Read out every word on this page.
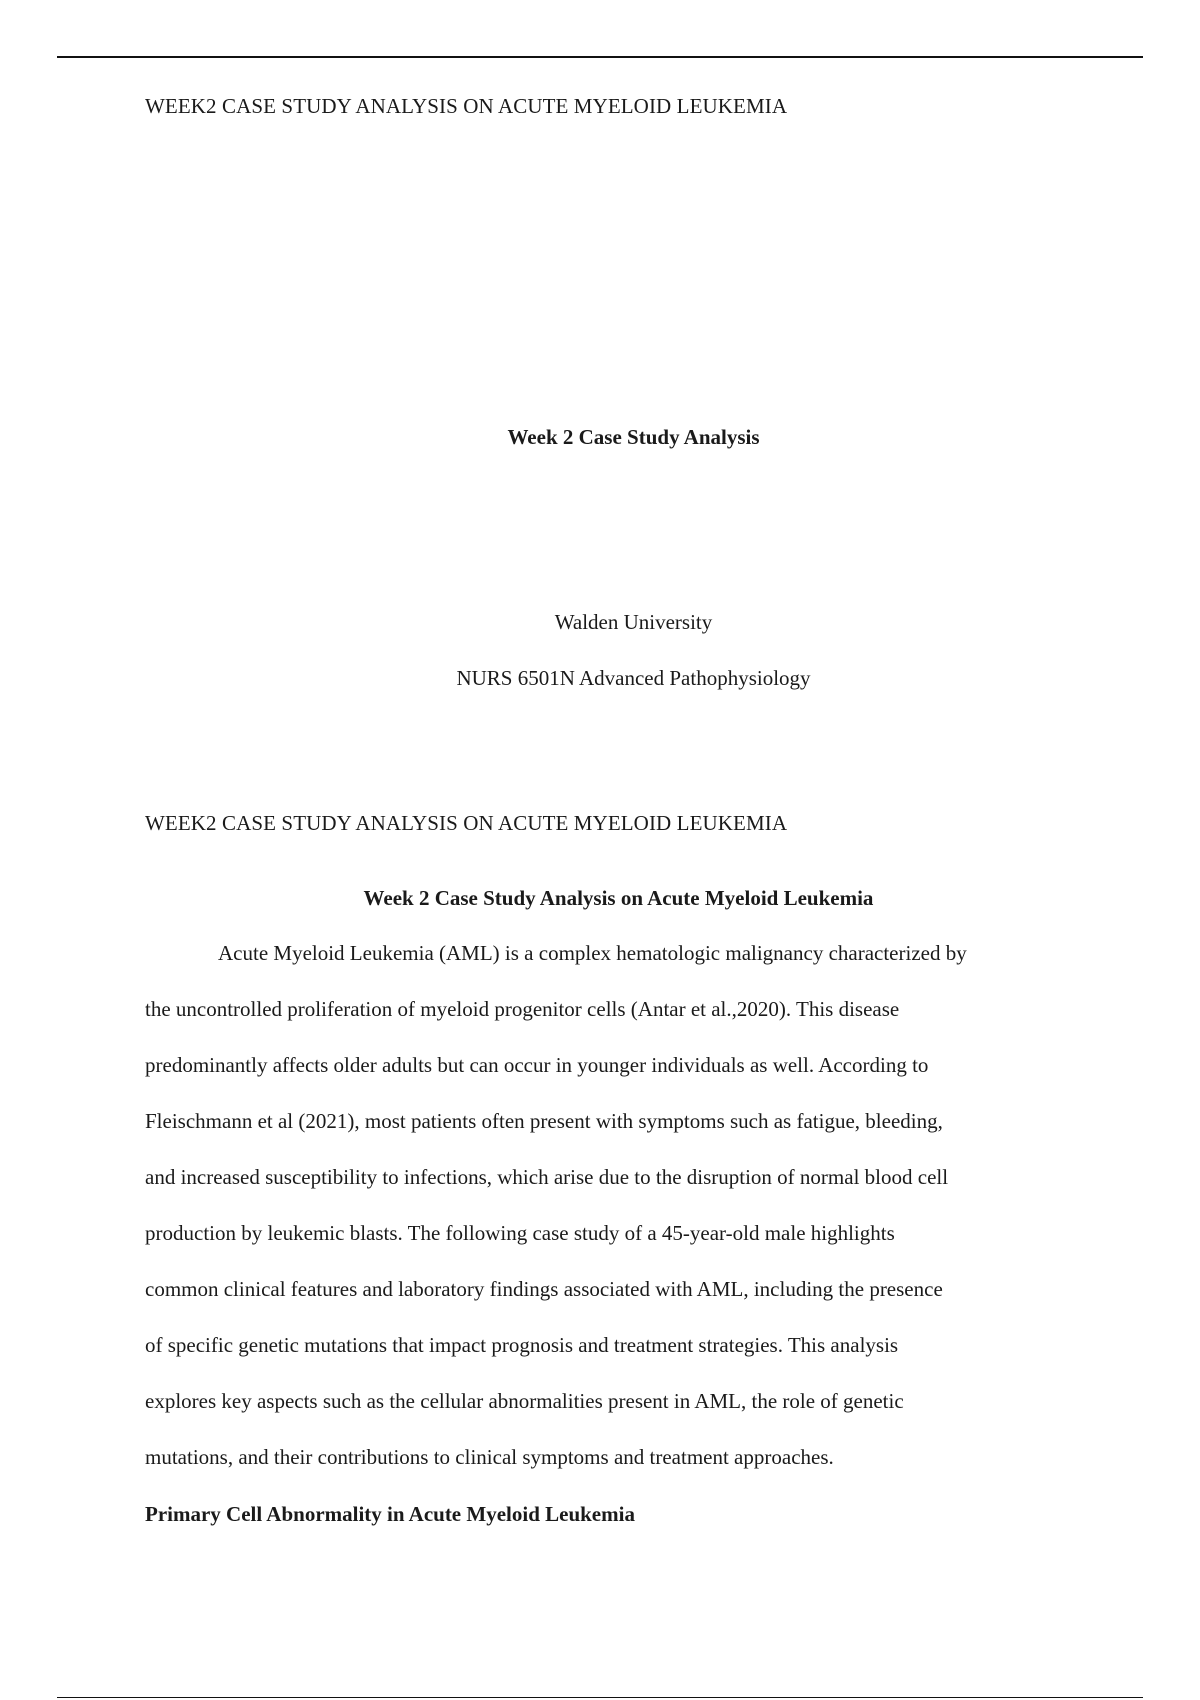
WEEK2 CASE STUDY ANALYSIS ON ACUTE MYELOID LEUKEMIA
Week 2 Case Study Analysis
Walden University
NURS 6501N Advanced Pathophysiology
WEEK2 CASE STUDY ANALYSIS ON ACUTE MYELOID LEUKEMIA
Week 2 Case Study Analysis on Acute Myeloid Leukemia
Acute Myeloid Leukemia (AML) is a complex hematologic malignancy characterized by
the uncontrolled proliferation of myeloid progenitor cells (Antar et al.,2020). This disease
predominantly affects older adults but can occur in younger individuals as well. According to
Fleischmann et al (2021), most patients often present with symptoms such as fatigue, bleeding,
and increased susceptibility to infections, which arise due to the disruption of normal blood cell
production by leukemic blasts. The following case study of a 45-year-old male highlights
common clinical features and laboratory findings associated with AML, including the presence
of specific genetic mutations that impact prognosis and treatment strategies. This analysis
explores key aspects such as the cellular abnormalities present in AML, the role of genetic
mutations, and their contributions to clinical symptoms and treatment approaches.
Primary Cell Abnormality in Acute Myeloid Leukemia
